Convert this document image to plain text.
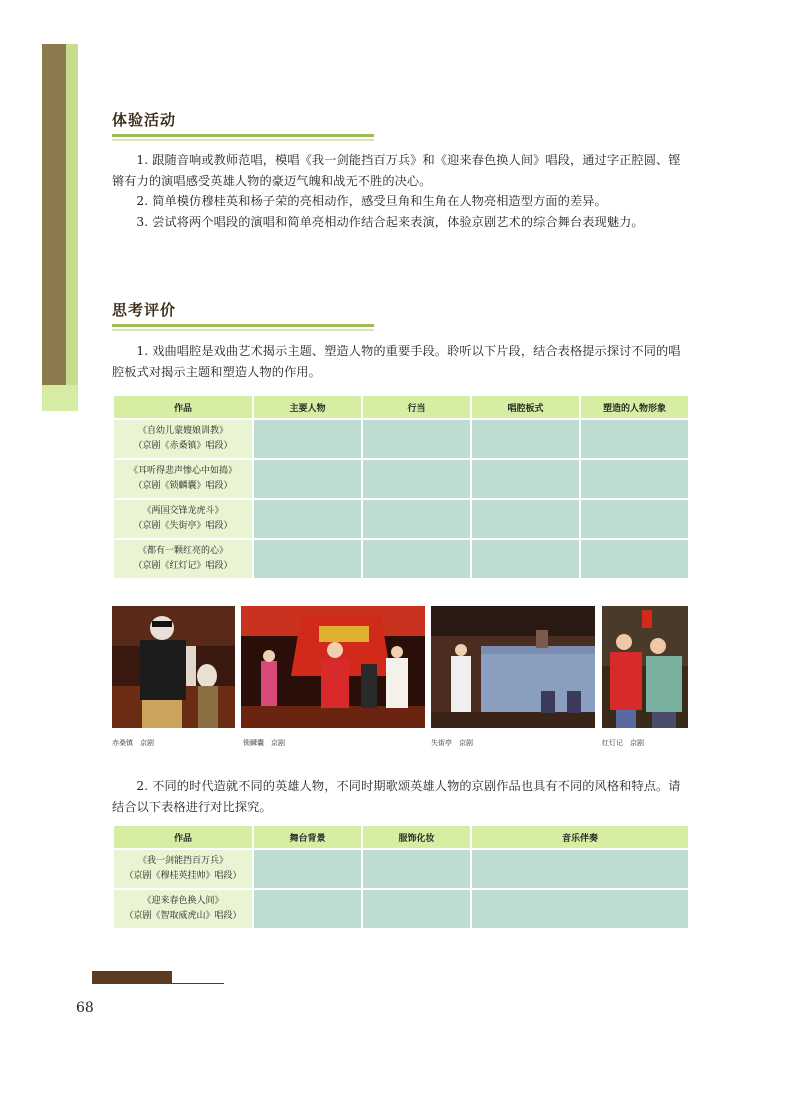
体验活动

1. 跟随音响或教师范唱，模唱《我一剑能挡百万兵》和《迎来春色换人间》唱段，通过字正腔圆、铿锵有力的演唱感受英雄人物的豪迈气魄和战无不胜的决心。

2. 简单模仿穆桂英和杨子荣的亮相动作，感受旦角和生角在人物亮相造型方面的差异。

3. 尝试将两个唱段的演唱和简单亮相动作结合起来表演，体验京剧艺术的综合舞台表现魅力。

思考评价

1. 戏曲唱腔是戏曲艺术揭示主题、塑造人物的重要手段。聆听以下片段，结合表格提示探讨不同的唱腔板式对揭示主题和塑造人物的作用。

作品	主要人物	行当	唱腔板式	塑造的人物形象

《自幼儿蒙嫂娘训教》
（京剧《赤桑镇》唱段）				

《耳听得悲声惨心中如捣》
（京剧《锁麟囊》唱段）				

《两国交锋龙虎斗》
（京剧《失街亭》唱段）				

《都有一颗红亮的心》
（京剧《红灯记》唱段）				

赤桑镇　京剧	锁麟囊　京剧	失街亭　京剧	红灯记　京剧

2. 不同的时代造就不同的英雄人物，不同时期歌颂英雄人物的京剧作品也具有不同的风格和特点。请结合以下表格进行对比探究。

作品	舞台背景	服饰化妆	音乐伴奏

《我一剑能挡百万兵》
（京剧《穆桂英挂帅》唱段）			

《迎来春色换人间》
（京剧《智取威虎山》唱段）			

68
